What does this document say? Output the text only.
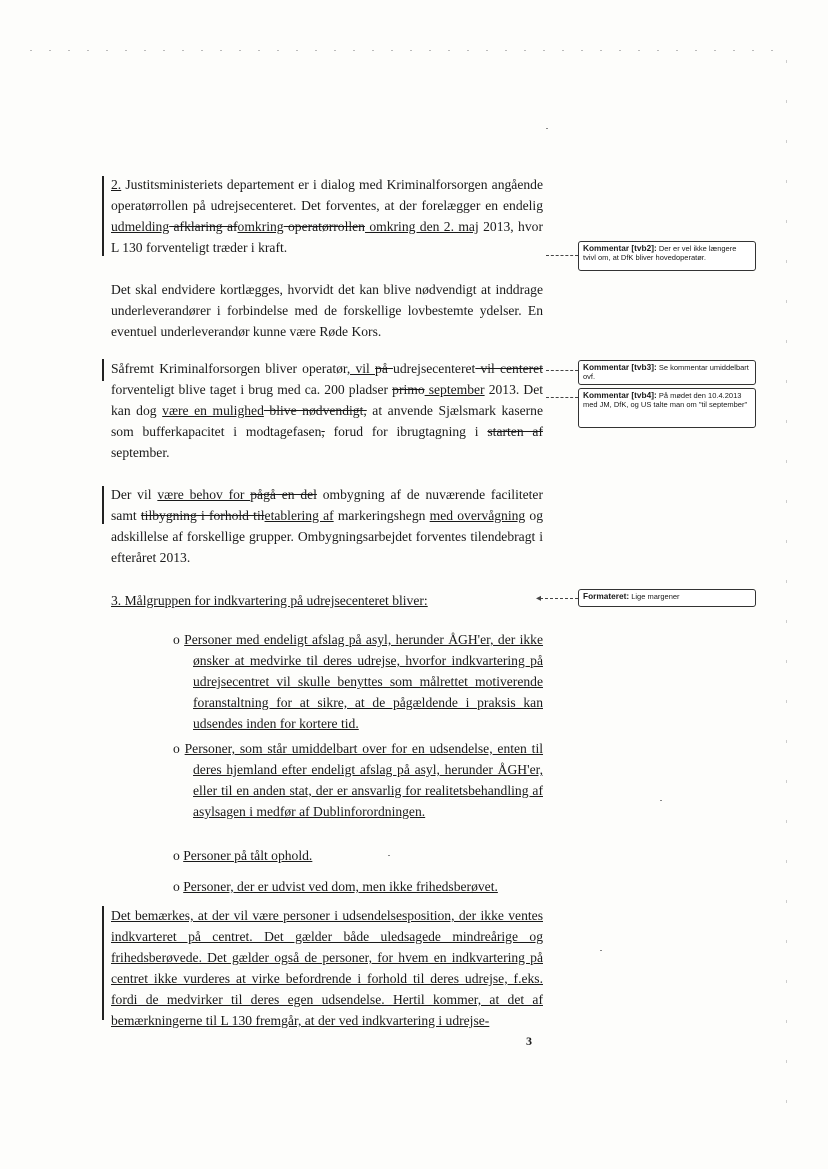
2. Justitsministeriets departement er i dialog med Kriminalforsorgen angående operatørrollen på udrejsecenteret. Det forventes, at der forelægger en endelig udmelding afklaring afomkring operatørrollen omkring den 2. maj 2013, hvor L 130 forventeligt træder i kraft.
Det skal endvidere kortlægges, hvorvidt det kan blive nødvendigt at inddrage underleverandører i forbindelse med de forskellige lovbestemte ydelser. En eventuel underleverandør kunne være Røde Kors.
Såfremt Kriminalforsorgen bliver operatør, vil på udrejsecenteret vil centeret forventeligt blive taget i brug med ca. 200 pladser primo september 2013. Det kan dog være en mulighed blive nødvendigt, at anvende Sjælsmark kaserne som bufferkapacitet i modtagefasen, forud for ibrugtagning i starten af september.
Der vil være behov for pågå en del ombygning af de nuværende faciliteter samt tilbygning i forhold tiletablering af markeringshegn med overvågning og adskillelse af forskellige grupper. Ombygningsarbejdet forventes tilendebragt i efteråret 2013.
3. Målgruppen for indkvartering på udrejsecenteret bliver:
o Personer med endeligt afslag på asyl, herunder ÅGH'er, der ikke ønsker at medvirke til deres udrejse, hvorfor indkvartering på udrejsecentret vil skulle benyttes som målrettet motiverende foranstaltning for at sikre, at de pågældende i praksis kan udsendes inden for kortere tid.
o Personer, som står umiddelbart over for en udsendelse, enten til deres hjemland efter endeligt afslag på asyl, herunder ÅGH'er, eller til en anden stat, der er ansvarlig for realitetsbehandling af asylsagen i medfør af Dublinforordningen.
o Personer på tålt ophold.
o Personer, der er udvist ved dom, men ikke frihedsberøvet.
Det bemærkes, at der vil være personer i udsendelsesposition, der ikke ventes indkvarteret på centret. Det gælder både uledsagede mindreårige og frihedsberøvede. Det gælder også de personer, for hvem en indkvartering på centret ikke vurderes at virke befordrende i forhold til deres udrejse, f.eks. fordi de medvirker til deres egen udsendelse. Hertil kommer, at det af bemærkningerne til L 130 fremgår, at der ved indkvartering i udrejse-
3
Kommentar [tvb2]: Der er vel ikke længere tvivl om, at DfK bliver hovedoperatør.
Kommentar [tvb3]: Se kommentar umiddelbart ovf.
Kommentar [tvb4]: På mødet den 10.4.2013 med JM, DfK, og US talte man om "til september"
◂	Formateret: Lige margener
